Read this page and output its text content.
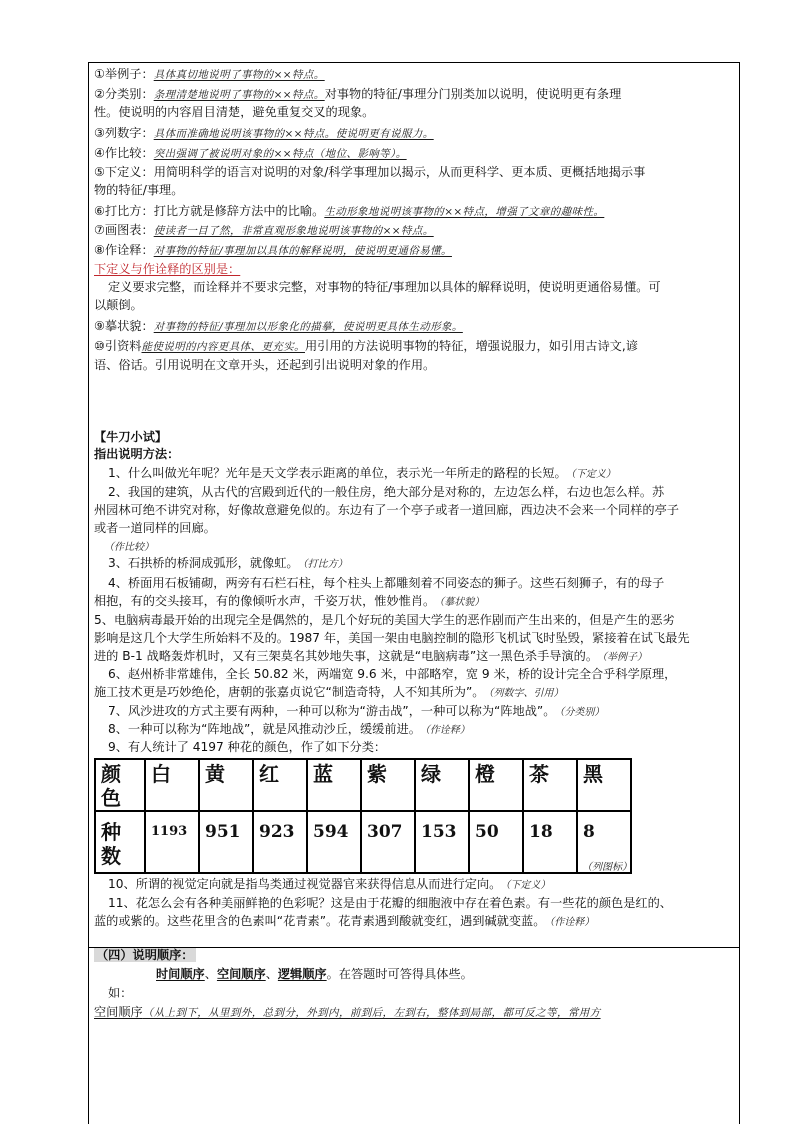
①举例子：具体真切地说明了事物的××特点。
②分类别：条理清楚地说明了事物的××特点。对事物的特征/事理分门别类加以说明，使说明更有条理
性。使说明的内容眉目清楚，避免重复交叉的现象。
③列数字：具体而准确地说明该事物的××特点。使说明更有说服力。
④作比较：突出强调了被说明对象的××特点（地位、影响等）。
⑤下定义：用简明科学的语言对说明的对象/科学事理加以揭示，从而更科学、更本质、更概括地揭示事
物的特征/事理。
⑥打比方：打比方就是修辞方法中的比喻。生动形象地说明该事物的××特点，增强了文章的趣味性。
⑦画图表：使读者一目了然，非常直观形象地说明该事物的××特点。
⑧作诠释：对事物的特征/事理加以具体的解释说明，使说明更通俗易懂。
下定义与作诠释的区别是：
定义要求完整，而诠释并不要求完整，对事物的特征/事理加以具体的解释说明，使说明更通俗易懂。可
以颠倒。
⑨摹状貌：对事物的特征/事理加以形象化的描摹，使说明更具体生动形象。
⑩引资料能使说明的内容更具体、更充实。用引用的方法说明事物的特征，增强说服力，如引用古诗文,谚
语、俗话。引用说明在文章开头，还起到引出说明对象的作用。
【牛刀小试】
指出说明方法：
1、什么叫做光年呢？光年是天文学表示距离的单位，表示光一年所走的路程的长短。 （下定义）
2、我国的建筑，从古代的宫殿到近代的一般住房，绝大部分是对称的，左边怎么样，右边也怎么样。苏
州园林可绝不讲究对称，好像故意避免似的。东边有了一个亭子或者一道回廊，西边决不会来一个同样的亭子
或者一道同样的回廊。
（作比较）
3、石拱桥的桥洞成弧形，就像虹。 （打比方）
4、桥面用石板铺砌，两旁有石栏石柱，每个柱头上都雕刻着不同姿态的狮子。这些石刻狮子，有的母子
相抱，有的交头接耳，有的像倾听水声，千姿万状，惟妙惟肖。 （摹状貌）
5、电脑病毒最开始的出现完全是偶然的，是几个好玩的美国大学生的恶作剧而产生出来的，但是产生的恶劣
影响是这几个大学生所始料不及的。1987 年，美国一架由电脑控制的隐形飞机试飞时坠毁，紧接着在试飞最先
进的 B-1 战略轰炸机时，又有三架莫名其妙地失事，这就是“电脑病毒”这一黑色杀手导演的。 （举例子）
6、赵州桥非常雄伟，全长 50.82 米，两端宽 9.6 米，中部略窄，宽 9 米，桥的设计完全合乎科学原理，
施工技术更是巧妙绝伦，唐朝的张嘉贞说它“制造奇特，人不知其所为”。 （列数字、引用）
7、风沙进攻的方式主要有两种，一种可以称为“游击战”，一种可以称为“阵地战”。 （分类别）
8、一种可以称为“阵地战”，就是风推动沙丘，缓缓前进。 （作诠释）
9、有人统计了 4197 种花的颜色，作了如下分类：
颜
色	白	黄	红	蓝	紫	绿	橙	茶	黑

种
数	1193	951	923	594	307	153	50	18	8
（列图标）
10、所谓的视觉定向就是指鸟类通过视觉器官来获得信息从而进行定向。 （下定义）
11、花怎么会有各种美丽鲜艳的色彩呢？这是由于花瓣的细胞液中存在着色素。有一些花的颜色是红的、
蓝的或紫的。这些花里含的色素叫“花青素”。花青素遇到酸就变红，遇到碱就变蓝。 （作诠释）
（四）说明顺序：
时间顺序、空间顺序、逻辑顺序。在答题时可答得具体些。
如：
空间顺序（从上到下，从里到外，总到分，外到内，前到后，左到右，整体到局部，都可反之等，常用方
